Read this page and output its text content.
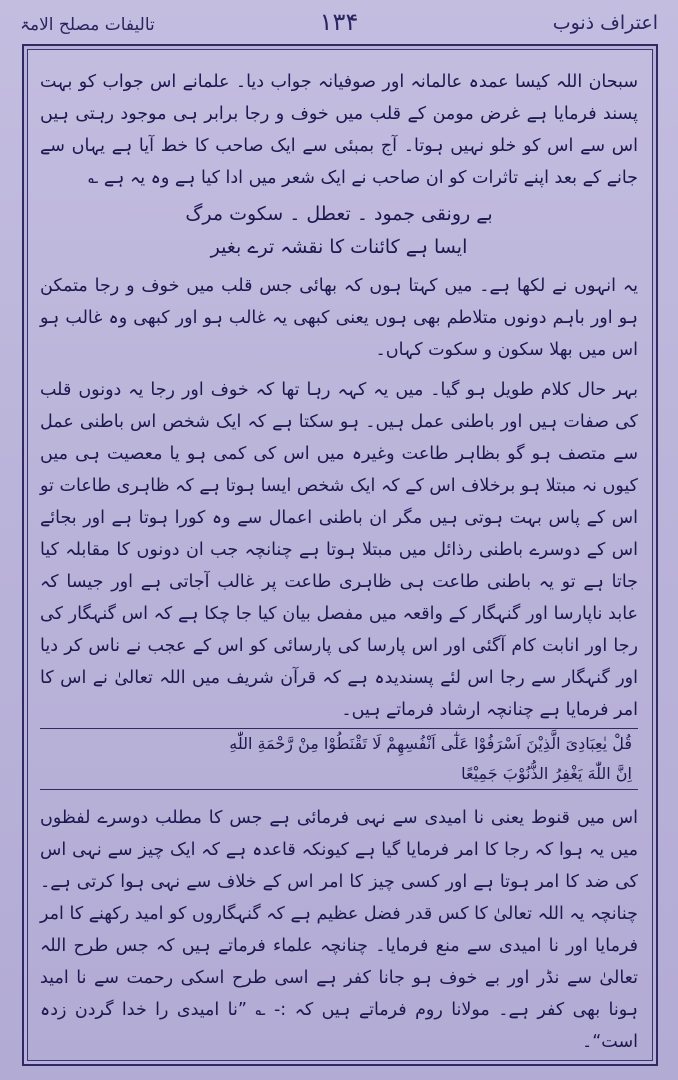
اعتراف ذنوب
۱۳۴
تالیفات مصلح الامۃ

سبحان اللہ کیسا عمدہ عالمانہ اور صوفیانہ جواب دیا۔ علمانے اس جواب کو بہت پسند فرمایا ہے غرض مومن کے قلب میں خوف و رجا برابر ہی موجود رہتی ہیں اس سے اس کو خلو نہیں ہوتا۔ آج بمبئی سے ایک صاحب کا خط آیا ہے یہاں سے جانے کے بعد اپنے تاثرات کو ان صاحب نے ایک شعر میں ادا کیا ہے وہ یہ ہے ؎

بے رونقی جمود ۔ تعطل ۔ سکوت مرگ
ایسا ہے کائنات کا نقشہ ترے بغیر

یہ انہوں نے لکھا ہے۔ میں کہتا ہوں کہ بھائی جس قلب میں خوف و رجا متمکن ہو اور باہم دونوں متلاطم بھی ہوں یعنی کبھی یہ غالب ہو اور کبھی وہ غالب ہو اس میں بھلا سکون و سکوت کہاں۔

بہر حال کلام طویل ہو گیا۔ میں یہ کہہ رہا تھا کہ خوف اور رجا یہ دونوں قلب کی صفات ہیں اور باطنی عمل ہیں۔ ہو سکتا ہے کہ ایک شخص اس باطنی عمل سے متصف ہو گو بظاہر طاعت وغیرہ میں اس کی کمی ہو یا معصیت ہی میں کیوں نہ مبتلا ہو برخلاف اس کے کہ ایک شخص ایسا ہوتا ہے کہ ظاہری طاعات تو اس کے پاس بہت ہوتی ہیں مگر ان باطنی اعمال سے وہ کورا ہوتا ہے اور بجائے اس کے دوسرے باطنی رذائل میں مبتلا ہوتا ہے چنانچہ جب ان دونوں کا مقابلہ کیا جاتا ہے تو یہ باطنی طاعت ہی ظاہری طاعت پر غالب آجاتی ہے اور جیسا کہ عابد ناپارسا اور گنہگار کے واقعہ میں مفصل بیان کیا جا چکا ہے کہ اس گنہگار کی رجا اور انابت کام آگئی اور اس پارسا کی پارسائی کو اس کے عجب نے ناس کر دیا اور گنہگار سے رجا اس لئے پسندیدہ ہے کہ قرآن شریف میں اللہ تعالیٰ نے اس کا امر فرمایا ہے چنانچہ ارشاد فرماتے ہیں۔

قُلْ یٰعِبَادِیَ الَّذِیْنَ اَسْرَفُوْا عَلٰٓی اَنْفُسِهِمْ لَا تَقْنَطُوْا مِنْ رَّحْمَةِ اللّٰهِ
اِنَّ اللّٰهَ یَغْفِرُ الذُّنُوْبَ جَمِیْعًا

اس میں قنوط یعنی نا امیدی سے نہی فرمائی ہے جس کا مطلب دوسرے لفظوں میں یہ ہوا کہ رجا کا امر فرمایا گیا ہے کیونکہ قاعدہ ہے کہ ایک چیز سے نہی اس کی ضد کا امر ہوتا ہے اور کسی چیز کا امر اس کے خلاف سے نہی ہوا کرتی ہے۔ چنانچہ یہ اللہ تعالیٰ کا کس قدر فضل عظیم ہے کہ گنہگاروں کو امید رکھنے کا امر فرمایا اور نا امیدی سے منع فرمایا۔ چنانچہ علماء فرماتے ہیں کہ جس طرح اللہ تعالیٰ سے نڈر اور بے خوف ہو جانا کفر ہے اسی طرح اسکی رحمت سے نا امید ہونا بھی کفر ہے۔ مولانا روم فرماتے ہیں کہ :- ؎ ”نا امیدی را خدا گردن زدہ است“۔
